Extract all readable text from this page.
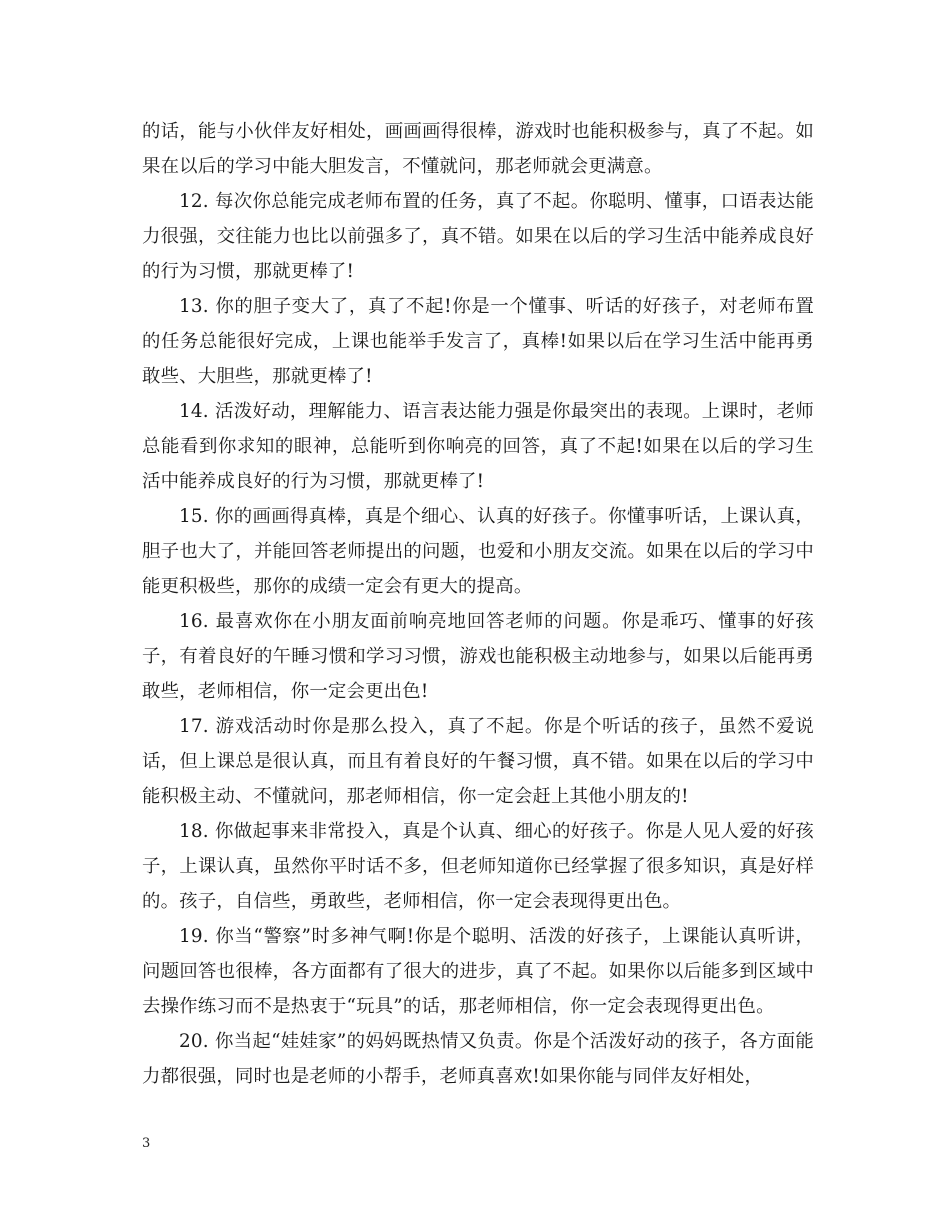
的话，能与小伙伴友好相处，画画画得很棒，游戏时也能积极参与，真了不起。如果在以后的学习中能大胆发言，不懂就问，那老师就会更满意。

12. 每次你总能完成老师布置的任务，真了不起。你聪明、懂事，口语表达能力很强，交往能力也比以前强多了，真不错。如果在以后的学习生活中能养成良好的行为习惯，那就更棒了!

13. 你的胆子变大了，真了不起!你是一个懂事、听话的好孩子，对老师布置的任务总能很好完成，上课也能举手发言了，真棒!如果以后在学习生活中能再勇敢些、大胆些，那就更棒了!

14. 活泼好动，理解能力、语言表达能力强是你最突出的表现。上课时，老师总能看到你求知的眼神，总能听到你响亮的回答，真了不起!如果在以后的学习生活中能养成良好的行为习惯，那就更棒了!

15. 你的画画得真棒，真是个细心、认真的好孩子。你懂事听话，上课认真，胆子也大了，并能回答老师提出的问题，也爱和小朋友交流。如果在以后的学习中能更积极些，那你的成绩一定会有更大的提高。

16. 最喜欢你在小朋友面前响亮地回答老师的问题。你是乖巧、懂事的好孩子，有着良好的午睡习惯和学习习惯，游戏也能积极主动地参与，如果以后能再勇敢些，老师相信，你一定会更出色!

17. 游戏活动时你是那么投入，真了不起。你是个听话的孩子，虽然不爱说话，但上课总是很认真，而且有着良好的午餐习惯，真不错。如果在以后的学习中能积极主动、不懂就问，那老师相信，你一定会赶上其他小朋友的!

18. 你做起事来非常投入，真是个认真、细心的好孩子。你是人见人爱的好孩子，上课认真，虽然你平时话不多，但老师知道你已经掌握了很多知识，真是好样的。孩子，自信些，勇敢些，老师相信，你一定会表现得更出色。

19. 你当“警察”时多神气啊!你是个聪明、活泼的好孩子，上课能认真听讲，问题回答也很棒，各方面都有了很大的进步，真了不起。如果你以后能多到区域中去操作练习而不是热衷于“玩具”的话，那老师相信，你一定会表现得更出色。

20. 你当起“娃娃家”的妈妈既热情又负责。你是个活泼好动的孩子，各方面能力都很强，同时也是老师的小帮手，老师真喜欢!如果你能与同伴友好相处，

3
